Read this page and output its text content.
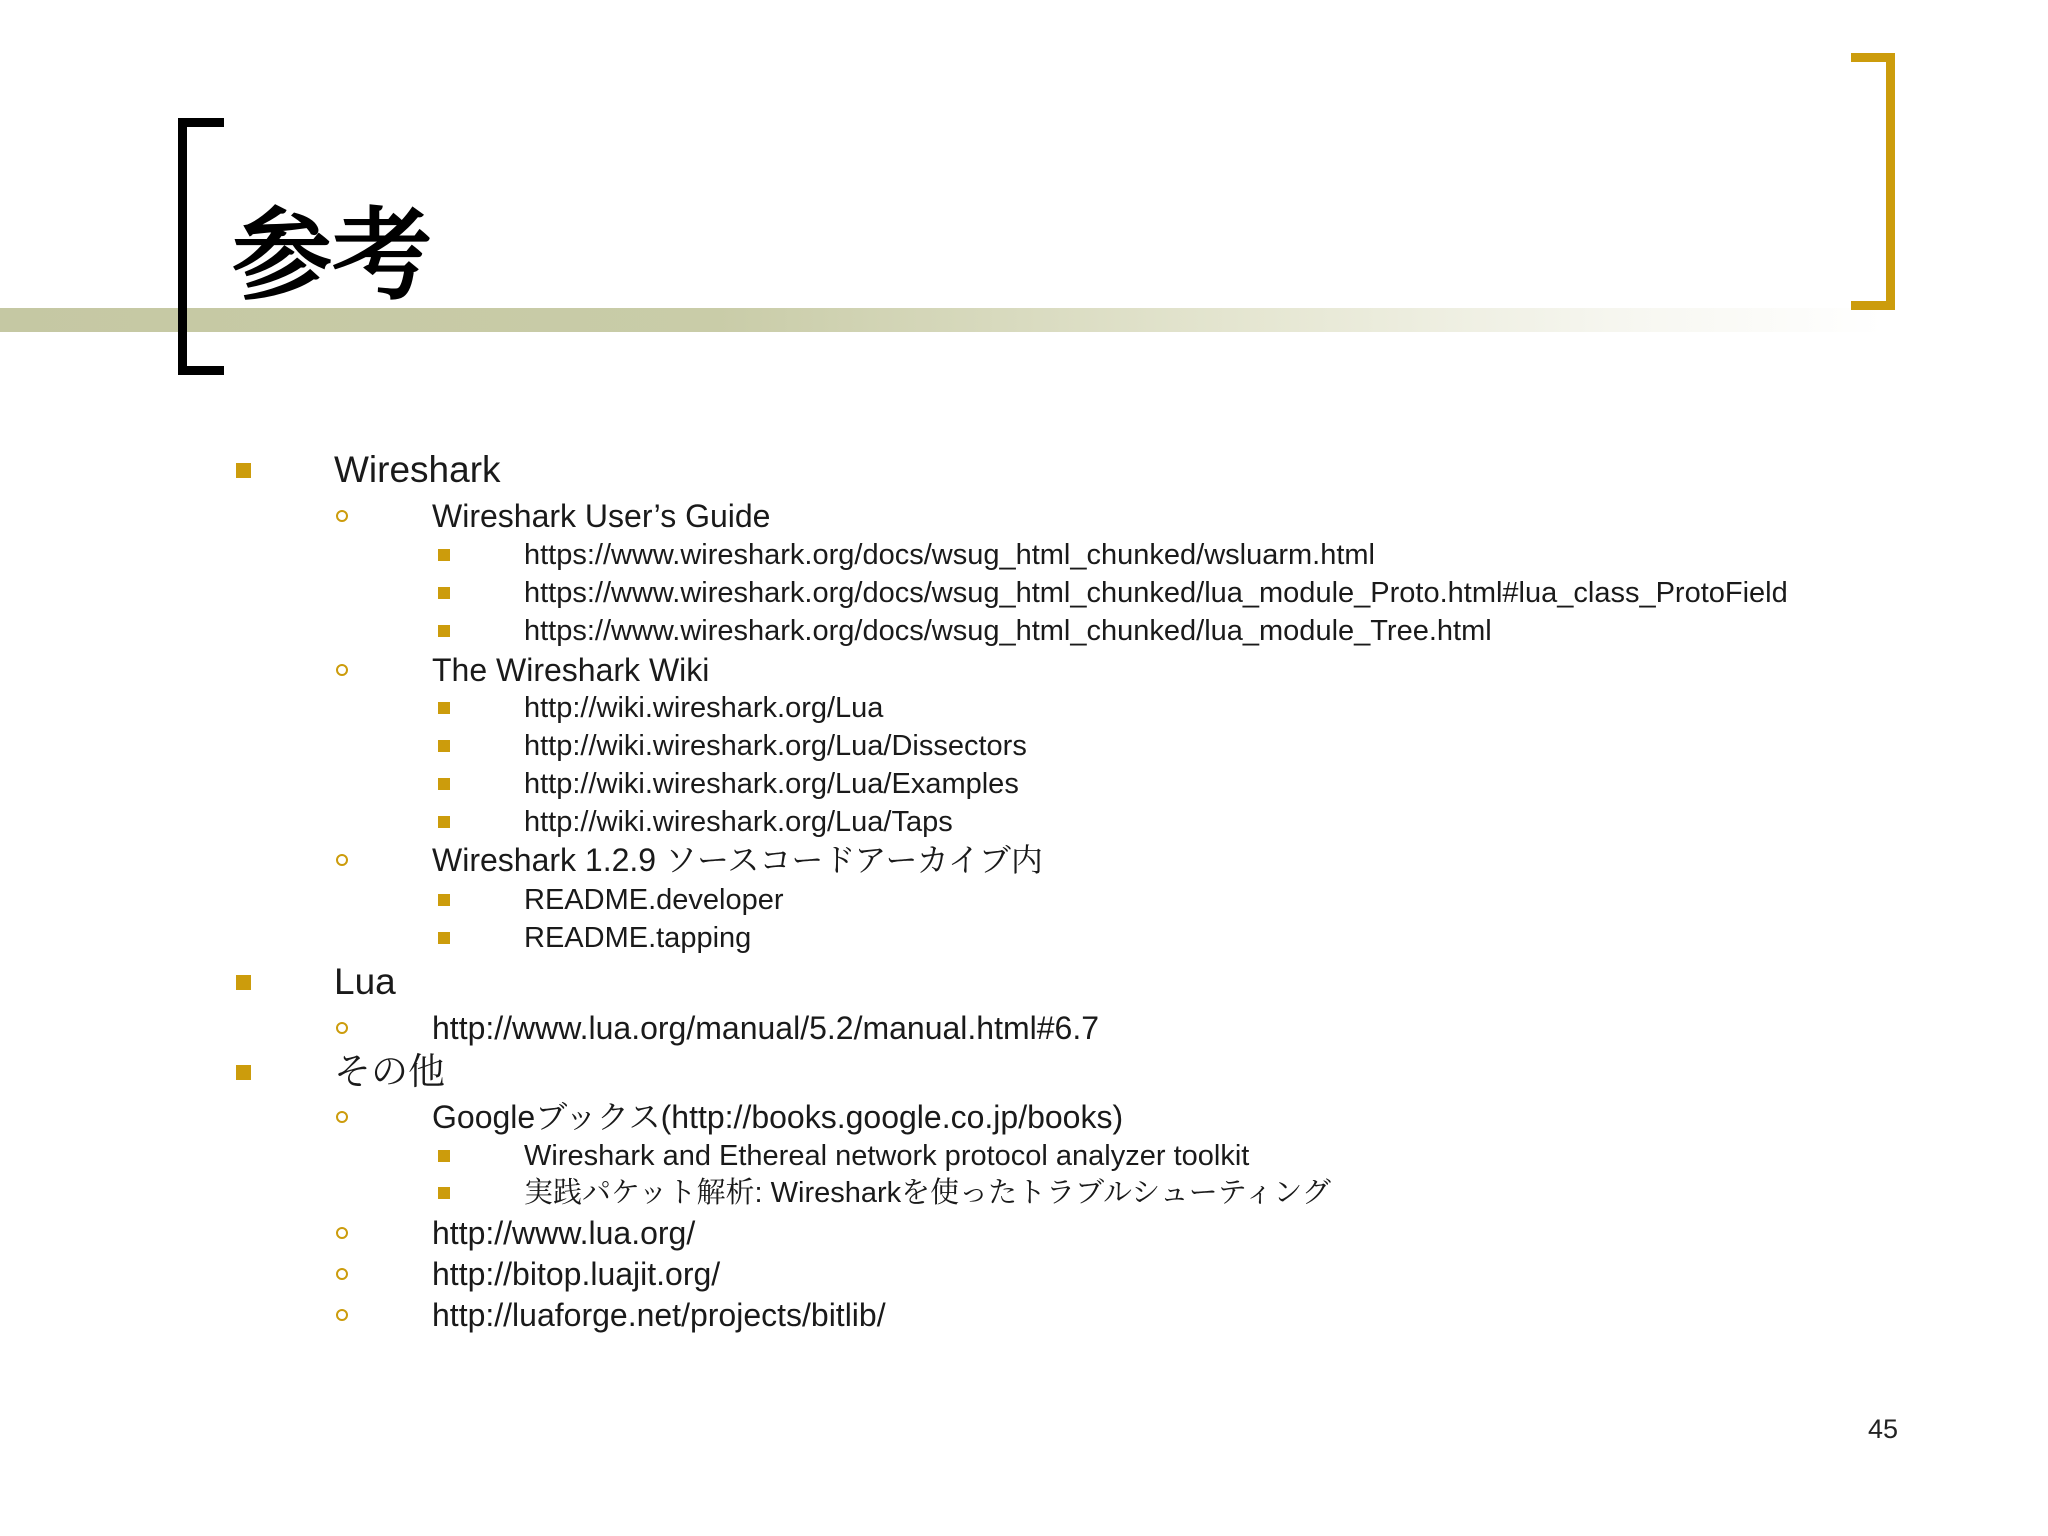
参考
Wireshark
Wireshark User’s Guide
https://www.wireshark.org/docs/wsug_html_chunked/wsluarm.html
https://www.wireshark.org/docs/wsug_html_chunked/lua_module_Proto.html#lua_class_ProtoField
https://www.wireshark.org/docs/wsug_html_chunked/lua_module_Tree.html
The Wireshark Wiki
http://wiki.wireshark.org/Lua
http://wiki.wireshark.org/Lua/Dissectors
http://wiki.wireshark.org/Lua/Examples
http://wiki.wireshark.org/Lua/Taps
Wireshark 1.2.9 ソースコードアーカイブ内
README.developer
README.tapping
Lua
http://www.lua.org/manual/5.2/manual.html#6.7
その他
Googleブックス(http://books.google.co.jp/books)
Wireshark and Ethereal network protocol analyzer toolkit
実践パケット解析: Wiresharkを使ったトラブルシューティング
http://www.lua.org/
http://bitop.luajit.org/
http://luaforge.net/projects/bitlib/
45
